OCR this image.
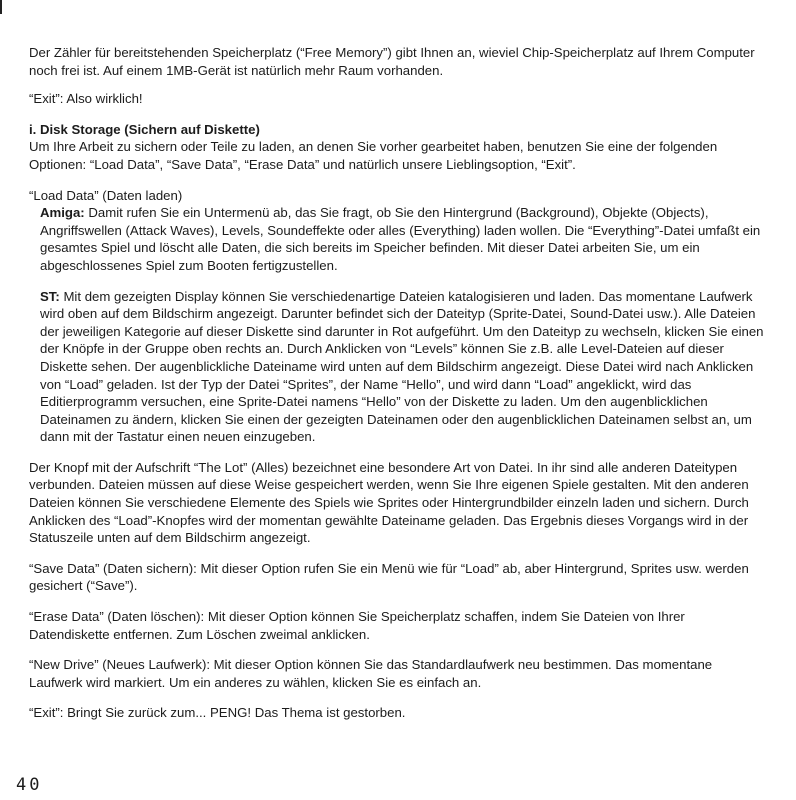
Der Zähler für bereitstehenden Speicherplatz (“Free Memory”) gibt Ihnen an, wieviel Chip-Speicherplatz auf Ihrem Computer noch frei ist. Auf einem 1MB-Gerät ist natürlich mehr Raum vorhanden.

“Exit”: Also wirklich!

i. Disk Storage (Sichern auf Diskette)

Um Ihre Arbeit zu sichern oder Teile zu laden, an denen Sie vorher gearbeitet haben, benutzen Sie eine der folgenden Optionen: “Load Data”, “Save Data”, “Erase Data” und natürlich unsere Lieblingsoption, “Exit”.

“Load Data” (Daten laden)

Amiga: Damit rufen Sie ein Untermenü ab, das Sie fragt, ob Sie den Hintergrund (Background), Objekte (Objects), Angriffswellen (Attack Waves), Levels, Soundeffekte oder alles (Everything) laden wollen. Die “Everything”-Datei umfaßt ein gesamtes Spiel und löscht alle Daten, die sich bereits im Speicher befinden. Mit dieser Datei arbeiten Sie, um ein abgeschlossenes Spiel zum Booten fertigzustellen.

ST: Mit dem gezeigten Display können Sie verschiedenartige Dateien katalogisieren und laden. Das momentane Laufwerk wird oben auf dem Bildschirm angezeigt. Darunter befindet sich der Dateityp (Sprite-Datei, Sound-Datei usw.). Alle Dateien der jeweiligen Kategorie auf dieser Diskette sind darunter in Rot aufgeführt. Um den Dateityp zu wechseln, klicken Sie einen der Knöpfe in der Gruppe oben rechts an. Durch Anklicken von “Levels” können Sie z.B. alle Level-Dateien auf dieser Diskette sehen. Der augenblickliche Dateiname wird unten auf dem Bildschirm angezeigt. Diese Datei wird nach Anklicken von “Load” geladen. Ist der Typ der Datei “Sprites”, der Name “Hello”, und wird dann “Load” angeklickt, wird das Editierprogramm versuchen, eine Sprite-Datei namens “Hello” von der Diskette zu laden. Um den augenblicklichen Dateinamen zu ändern, klicken Sie einen der gezeigten Dateinamen oder den augenblicklichen Dateinamen selbst an, um dann mit der Tastatur einen neuen einzugeben.

Der Knopf mit der Aufschrift “The Lot” (Alles) bezeichnet eine besondere Art von Datei. In ihr sind alle anderen Dateitypen verbunden. Dateien müssen auf diese Weise gespeichert werden, wenn Sie Ihre eigenen Spiele gestalten. Mit den anderen Dateien können Sie verschiedene Elemente des Spiels wie Sprites oder Hintergrundbilder einzeln laden und sichern. Durch Anklicken des “Load”-Knopfes wird der momentan gewählte Dateiname geladen. Das Ergebnis dieses Vorgangs wird in der Statuszeile unten auf dem Bildschirm angezeigt.

“Save Data” (Daten sichern): Mit dieser Option rufen Sie ein Menü wie für “Load” ab, aber Hintergrund, Sprites usw. werden gesichert (“Save”).

“Erase Data” (Daten löschen): Mit dieser Option können Sie Speicherplatz schaffen, indem Sie Dateien von Ihrer Datendiskette entfernen. Zum Löschen zweimal anklicken.

“New Drive” (Neues Laufwerk): Mit dieser Option können Sie das Standardlaufwerk neu bestimmen. Das momentane Laufwerk wird markiert. Um ein anderes zu wählen, klicken Sie es einfach an.

“Exit”: Bringt Sie zurück zum... PENG! Das Thema ist gestorben.

40
